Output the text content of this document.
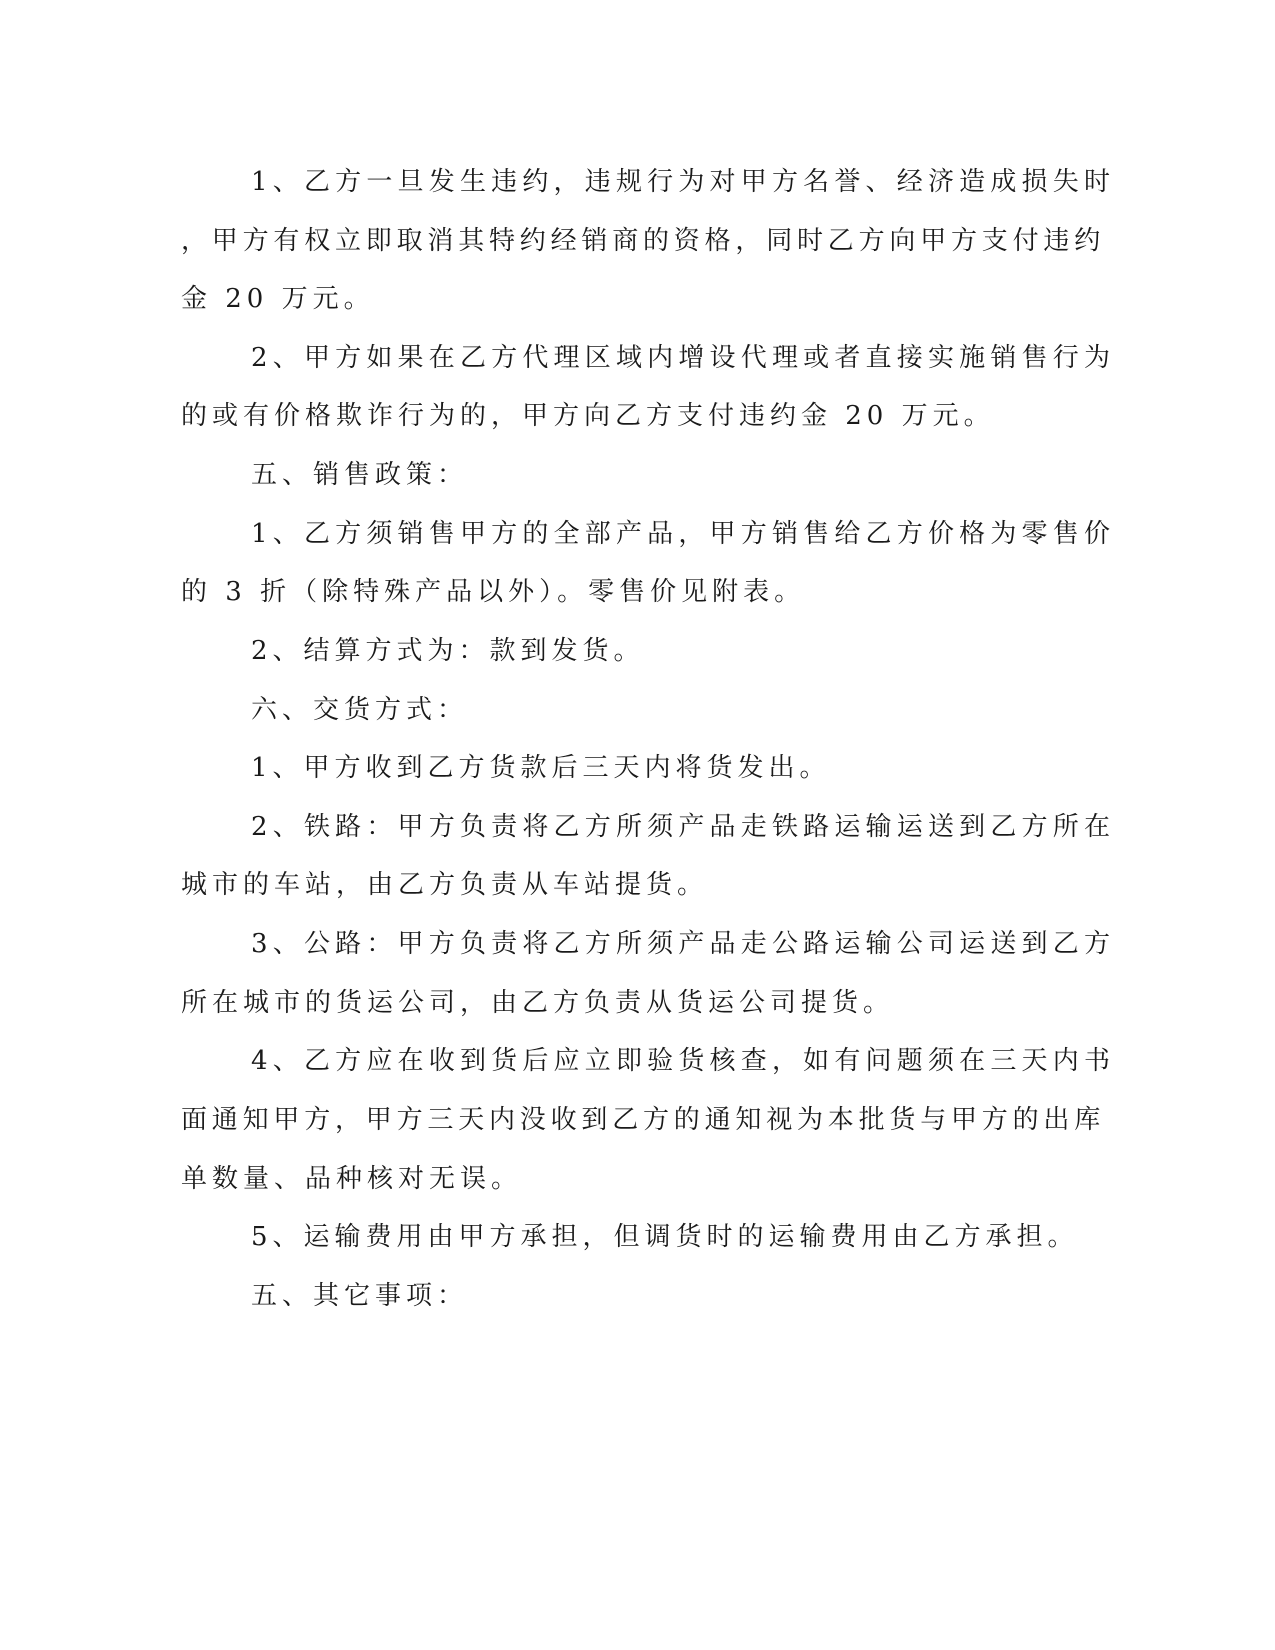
1、乙方一旦发生违约，违规行为对甲方名誉、经济造成损失时

，甲方有权立即取消其特约经销商的资格，同时乙方向甲方支付违约

金 20 万元。

2、甲方如果在乙方代理区域内增设代理或者直接实施销售行为

的或有价格欺诈行为的，甲方向乙方支付违约金 20 万元。

五、销售政策：

1、乙方须销售甲方的全部产品，甲方销售给乙方价格为零售价

的 3 折（除特殊产品以外）。零售价见附表。

2、结算方式为：款到发货。

六、交货方式：

1、甲方收到乙方货款后三天内将货发出。

2、铁路：甲方负责将乙方所须产品走铁路运输运送到乙方所在

城市的车站，由乙方负责从车站提货。

3、公路：甲方负责将乙方所须产品走公路运输公司运送到乙方

所在城市的货运公司，由乙方负责从货运公司提货。

4、乙方应在收到货后应立即验货核查，如有问题须在三天内书

面通知甲方，甲方三天内没收到乙方的通知视为本批货与甲方的出库

单数量、品种核对无误。

5、运输费用由甲方承担，但调货时的运输费用由乙方承担。

五、其它事项：
